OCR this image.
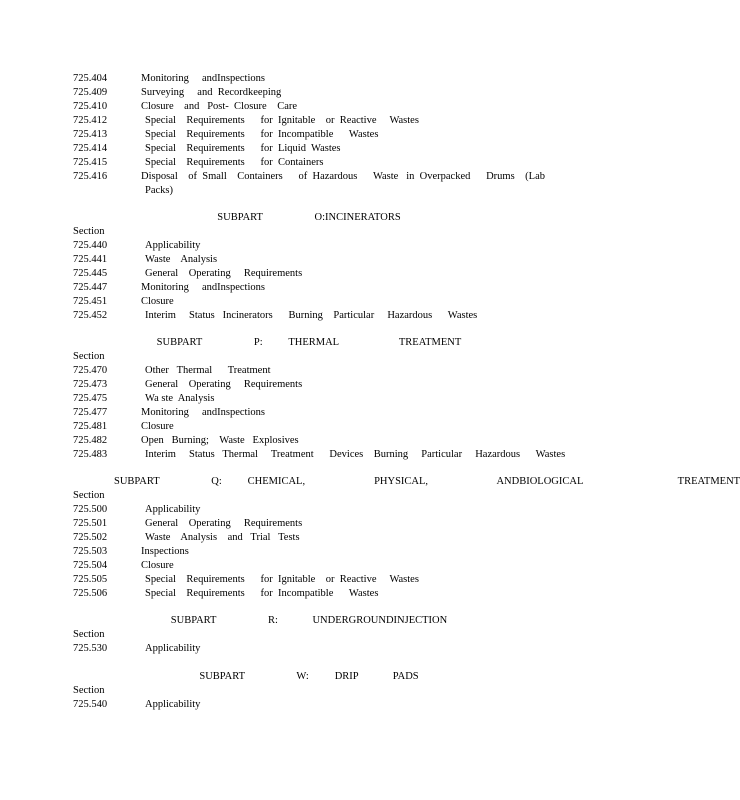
725.404	Monitoring     andInspections
725.409	Surveying     and  Recordkeeping
725.410	Closure    and   Post-  Closure    Care
725.412	Special    Requirements      for  Ignitable    or  Reactive     Wastes
725.413	Special    Requirements      for  Incompatible      Wastes
725.414	Special    Requirements      for  Liquid  Wastes
725.415	Special    Requirements      for  Containers
725.416	Disposal    of  Small    Containers      of  Hazardous      Waste   in  Overpacked      Drums    (Lab
Packs)
SUBPART      O:INCINERATORS
Section
725.440	Applicability
725.441	Waste    Analysis
725.445	General    Operating     Requirements
725.447	Monitoring     andInspections
725.451	Closure
725.452	Interim     Status   Incinerators      Burning    Particular     Hazardous      Wastes
SUBPART      P:   THERMAL       TREATMENT
Section
725.470	Other   Thermal      Treatment
725.473	General    Operating     Requirements
725.475	Wa ste  Analysis
725.477	Monitoring     andInspections
725.481	Closure
725.482	Open   Burning;    Waste   Explosives
725.483	Interim     Status   Thermal     Treatment      Devices    Burning     Particular     Hazardous      Wastes
SUBPART      Q:   CHEMICAL,        PHYSICAL,        ANDBIOLOGICAL           TREATMENT
Section
725.500	Applicability
725.501	General    Operating     Requirements
725.502	Waste    Analysis    and   Trial   Tests
725.503	Inspections
725.504	Closure
725.505	Special    Requirements      for  Ignitable    or  Reactive     Wastes
725.506	Special    Requirements      for  Incompatible      Wastes
SUBPART      R:    UNDERGROUNDINJECTION
Section
725.530	Applicability
SUBPART      W:   DRIP    PADS
Section
725.540	Applicability
